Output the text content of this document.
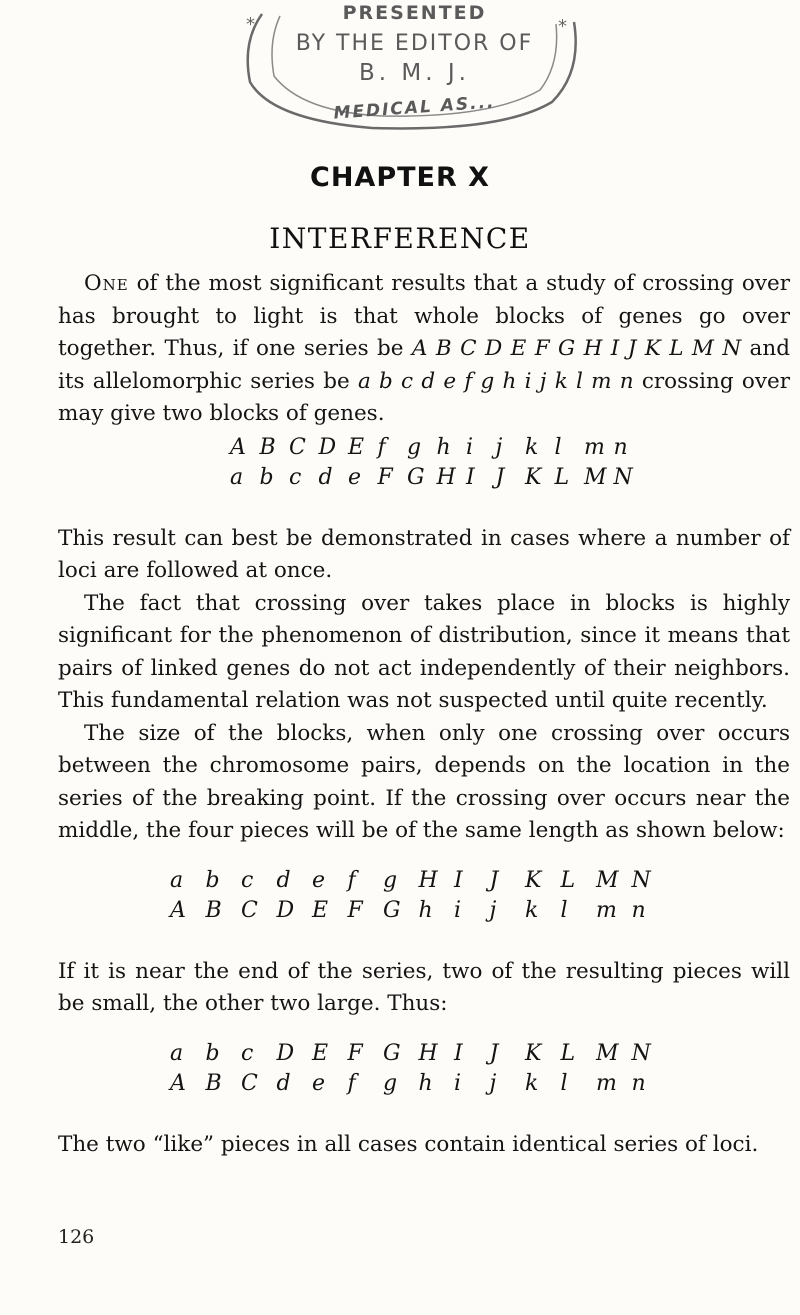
*	*
PRESENTED
BY THE EDITOR OF
B. M. J.
MEDICAL AS...
CHAPTER X
INTERFERENCE

One of the most significant results that a study of crossing over has brought to light is that whole blocks of genes go over together. Thus, if one series be A B C D E F G H I J K L M N and its allelomorphic series be a b c d e f g h i j k l m n crossing over may give two blocks of genes.

A B C D E f g h i	j	k l	m n
a b c d e F G H I J K L M N

This result can best be demonstrated in cases where a number of loci are followed at once.

The fact that crossing over takes place in blocks is highly significant for the phenomenon of distribution, since it means that pairs of linked genes do not act independently of their neighbors. This fundamental relation was not suspected until quite recently.

The size of the blocks, when only one crossing over occurs between the chromosome pairs, depends on the location in the series of the breaking point. If the crossing over occurs near the middle, the four pieces will be of the same length as shown below:

a	b c	d e	f	g H I	J	K L M N
A B C D E F G h i	j	k	l	m n

If it is near the end of the series, two of the resulting pieces will be small, the other two large. Thus:

a	b c	D E F G H I	J	K L M N
A B C d e	f	g h i	j	k	l	m n

The two “like” pieces in all cases contain identical series of loci.

126
